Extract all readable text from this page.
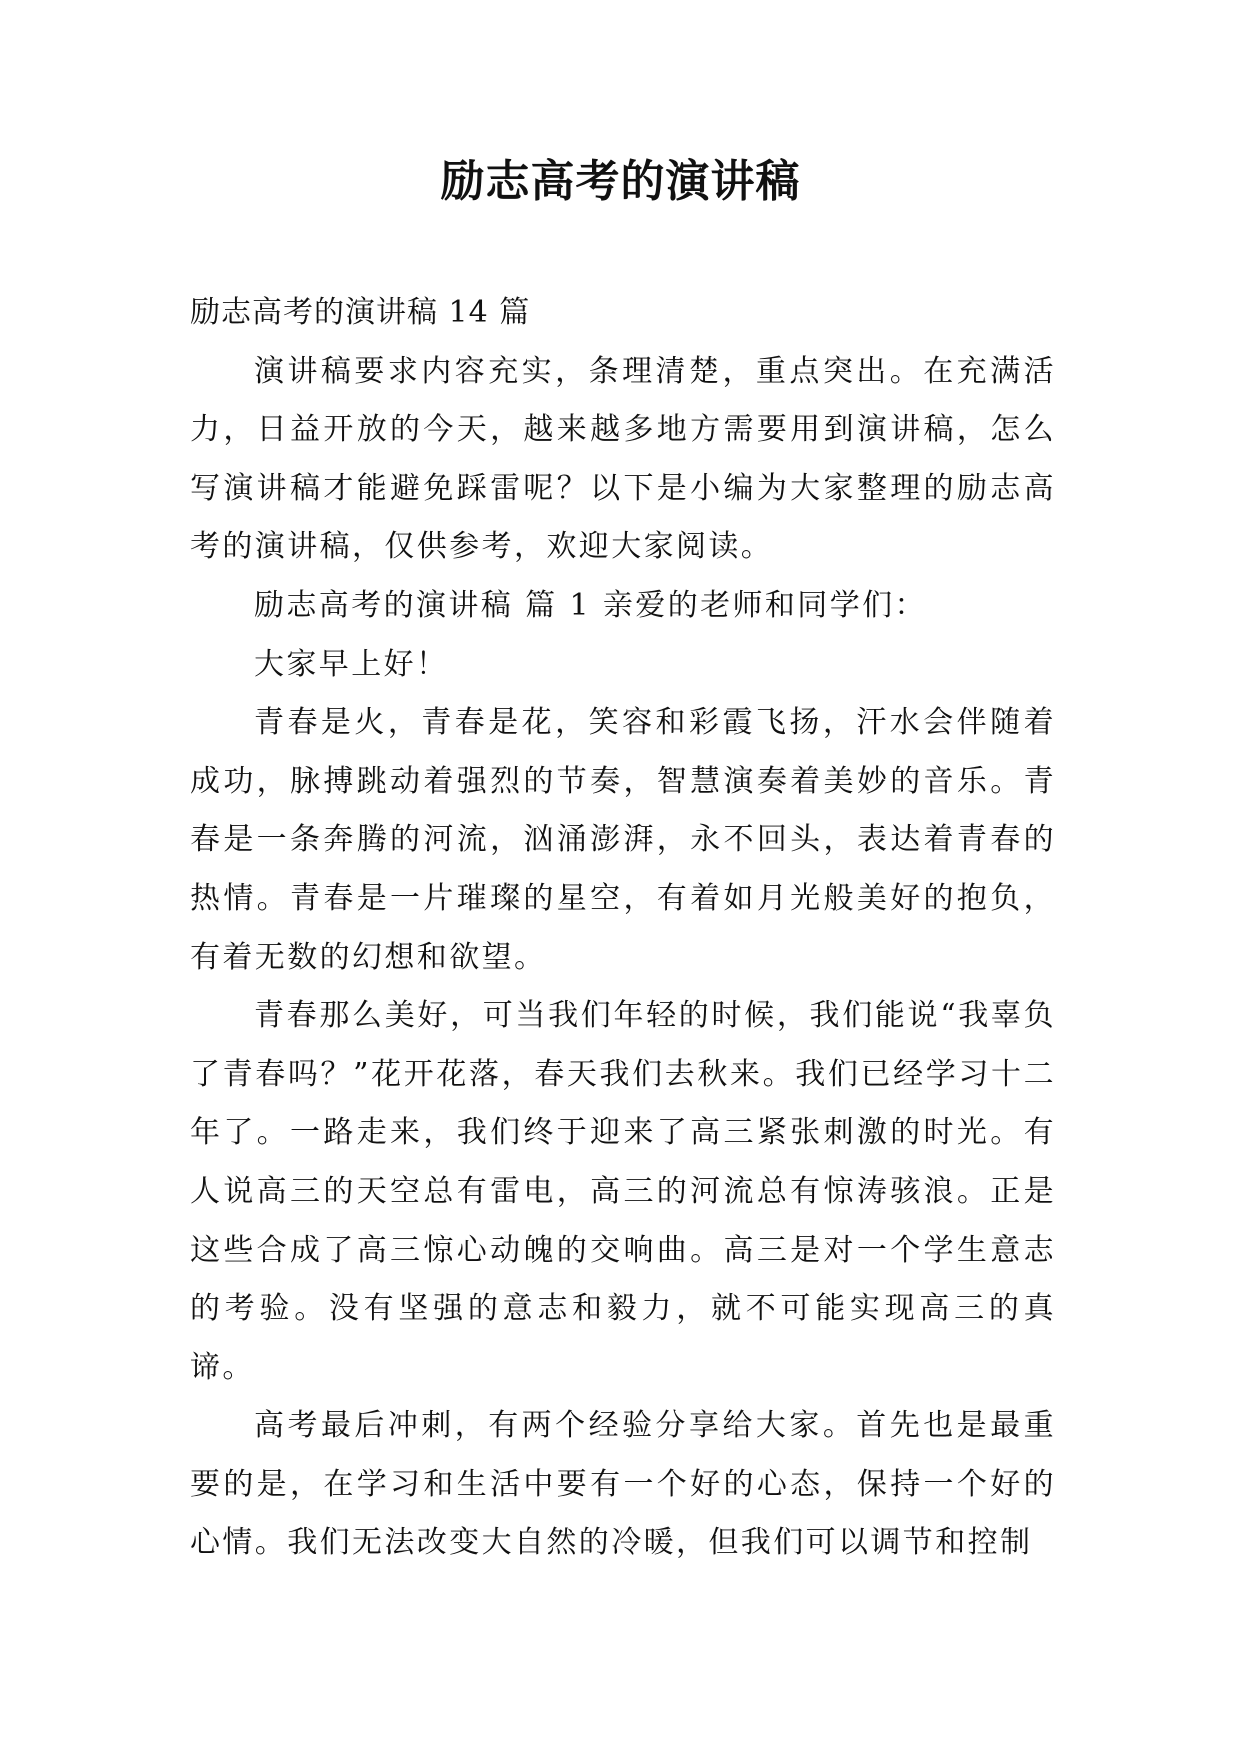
励志高考的演讲稿

励志高考的演讲稿 14 篇

演讲稿要求内容充实，条理清楚，重点突出。在充满活力，日益开放的今天，越来越多地方需要用到演讲稿，怎么写演讲稿才能避免踩雷呢？以下是小编为大家整理的励志高考的演讲稿，仅供参考，欢迎大家阅读。

励志高考的演讲稿 篇 1 亲爱的老师和同学们：

大家早上好！

青春是火，青春是花，笑容和彩霞飞扬，汗水会伴随着成功，脉搏跳动着强烈的节奏，智慧演奏着美妙的音乐。青春是一条奔腾的河流，汹涌澎湃，永不回头，表达着青春的热情。青春是一片璀璨的星空，有着如月光般美好的抱负，有着无数的幻想和欲望。

青春那么美好，可当我们年轻的时候，我们能说“我辜负了青春吗？”花开花落，春天我们去秋来。我们已经学习十二年了。一路走来，我们终于迎来了高三紧张刺激的时光。有人说高三的天空总有雷电，高三的河流总有惊涛骇浪。正是这些合成了高三惊心动魄的交响曲。高三是对一个学生意志的考验。没有坚强的意志和毅力，就不可能实现高三的真谛。

高考最后冲刺，有两个经验分享给大家。首先也是最重要的是，在学习和生活中要有一个好的心态，保持一个好的心情。我们无法改变大自然的冷暖，但我们可以调节和控制
